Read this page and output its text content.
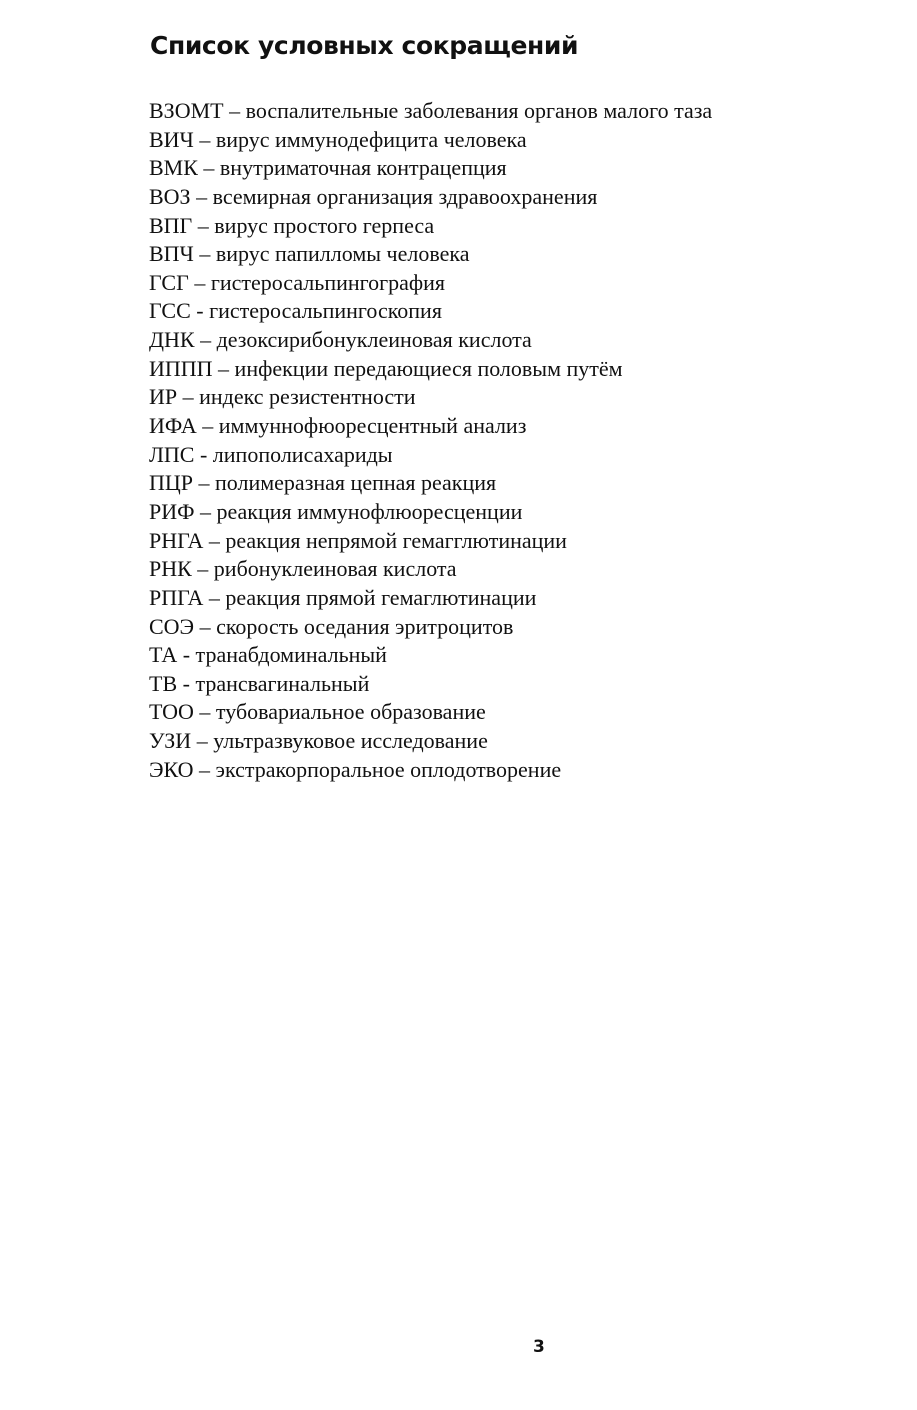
Список условных сокращений
ВЗОМТ – воспалительные заболевания органов малого таза
ВИЧ – вирус иммунодефицита человека
ВМК – внутриматочная контрацепция
ВОЗ – всемирная организация здравоохранения
ВПГ – вирус простого герпеса
ВПЧ – вирус папилломы человека
ГСГ – гистеросальпингография
ГСС - гистеросальпингоскопия
ДНК – дезоксирибонуклеиновая кислота
ИППП – инфекции передающиеся половым путём
ИР – индекс резистентности
ИФА – иммуннофюоресцентный анализ
ЛПС - липополисахариды
ПЦР – полимеразная цепная реакция
РИФ – реакция иммунофлюоресценции
РНГА – реакция непрямой гемагглютинации
РНК – рибонуклеиновая кислота
РПГА – реакция прямой гемаглютинации
СОЭ – скорость оседания эритроцитов
ТА - транабдоминальный
ТВ - трансвагинальный
ТОО – тубовариальное образование
УЗИ – ультразвуковое исследование
ЭКО – экстракорпоральное оплодотворение
3
